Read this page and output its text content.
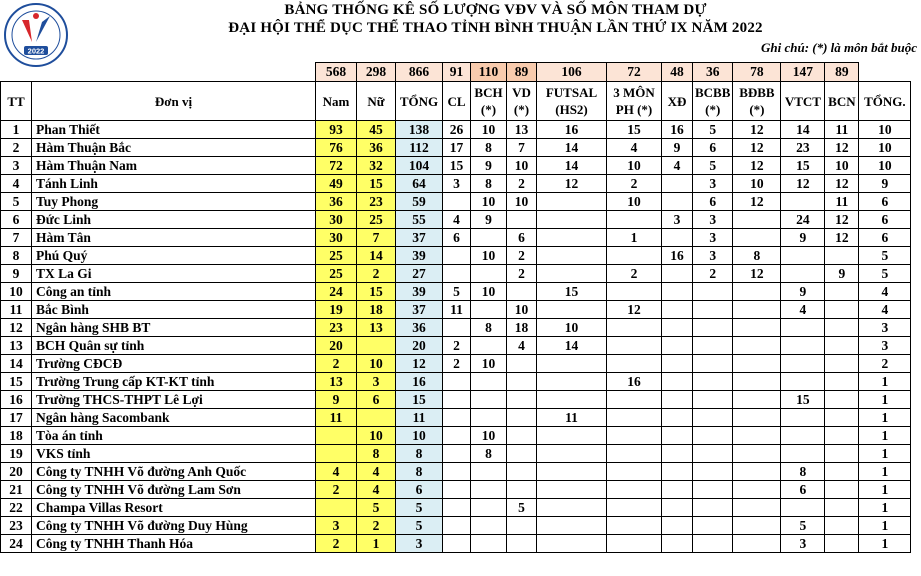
2022
BẢNG THỐNG KÊ SỐ LƯỢNG VĐV VÀ SỐ MÔN THAM DỰ
ĐẠI HỘI THỂ DỤC THỂ THAO TỈNH BÌNH THUẬN LẦN THỨ IX NĂM 2022
Ghi chú: (*) là môn bắt buộc
		568	298	866	91	110	89	106	72	48	36	78	147	89	
TT	Đơn vị	Nam	Nữ	TỔNG	CL	BCH (*)	VD (*)	FUTSAL (HS2)	3 MÔN PH (*)	XĐ	BCBB (*)	BĐBB (*)	VTCT	BCN	TỔNG.
1	Phan Thiết	93	45	138	26	10	13	16	15	16	5	12	14	11	10
2	Hàm Thuận Bắc	76	36	112	17	8	7	14	4	9	6	12	23	12	10
3	Hàm Thuận Nam	72	32	104	15	9	10	14	10	4	5	12	15	10	10
4	Tánh Linh	49	15	64	3	8	2	12	2		3	10	12	12	9
5	Tuy Phong	36	23	59		10	10		10		6	12		11	6
6	Đức Linh	30	25	55	4	9				3	3		24	12	6
7	Hàm Tân	30	7	37	6		6		1		3		9	12	6
8	Phú Quý	25	14	39		10	2			16	3	8			5
9	TX La Gi	25	2	27			2		2		2	12		9	5
10	Công an tỉnh	24	15	39	5	10		15					9		4
11	Bắc Bình	19	18	37	11		10		12				4		4
12	Ngân hàng SHB BT	23	13	36		8	18	10							3
13	BCH Quân sự tỉnh	20		20	2		4	14							3
14	Trường CĐCĐ	2	10	12	2	10									2
15	Trường Trung cấp KT-KT tỉnh	13	3	16					16						1
16	Trường THCS-THPT Lê Lợi	9	6	15									15		1
17	Ngân hàng Sacombank	11		11				11							1
18	Tòa án tỉnh		10	10		10									1
19	VKS tỉnh		8	8		8									1
20	Công ty TNHH Võ đường Anh Quốc	4	4	8									8		1
21	Công ty TNHH Võ đường Lam Sơn	2	4	6									6		1
22	Champa Villas Resort		5	5			5								1
23	Công ty TNHH Võ đường Duy Hùng	3	2	5									5		1
24	Công ty TNHH Thanh Hóa	2	1	3									3		1
